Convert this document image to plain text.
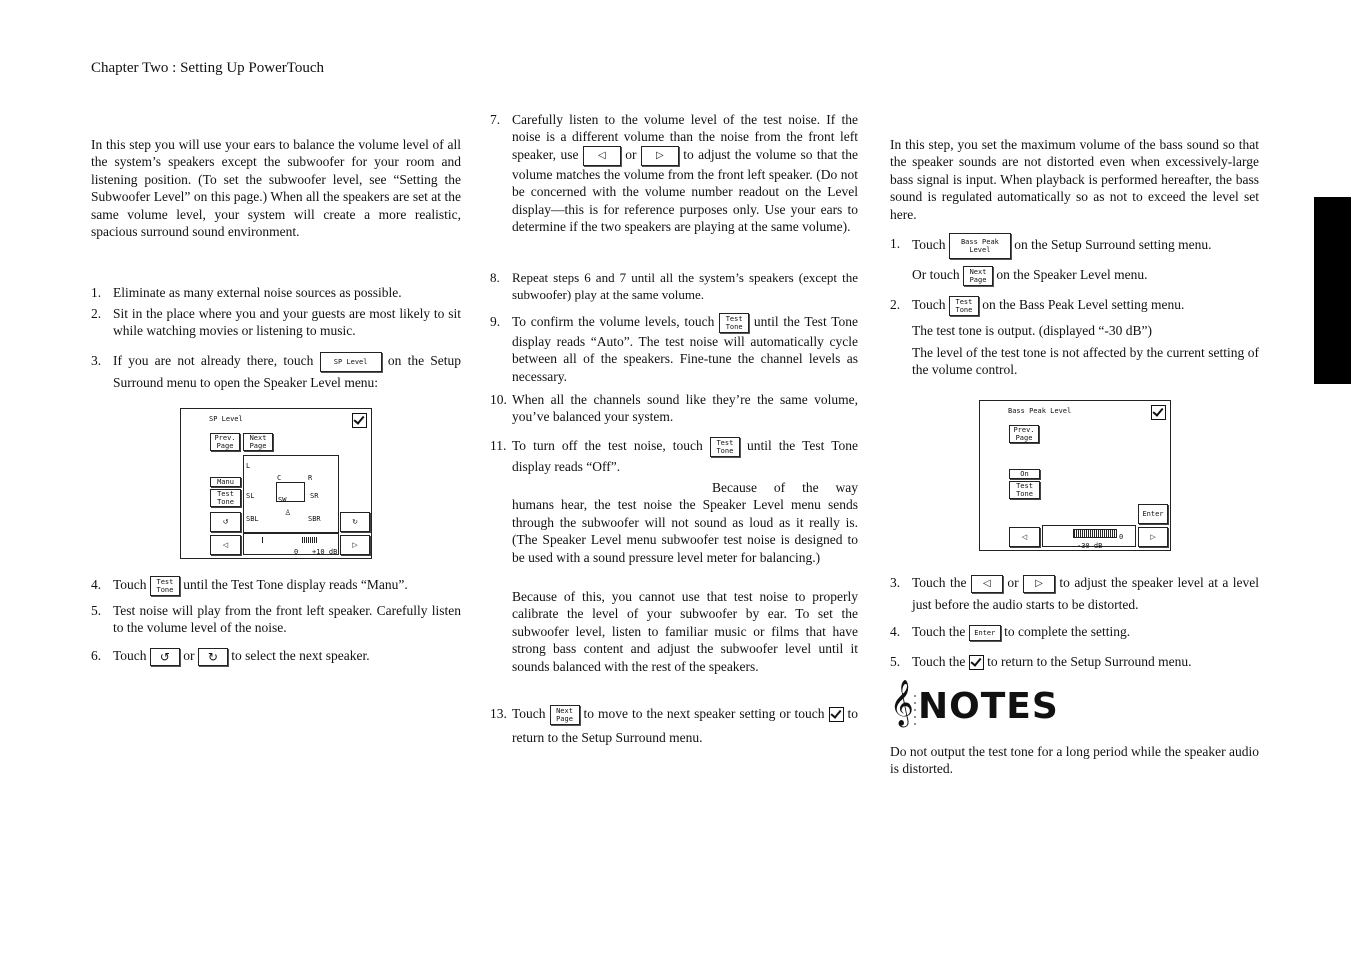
Chapter Two : Setting Up PowerTouch

In this step you will use your ears to balance the volume level of all the system’s speakers except the subwoofer for your room and listening position. (To set the subwoofer level, see “Setting the Subwoofer Level” on this page.) When all the speakers are set at the same volume level, your system will create a more realistic, spacious surround sound environment.

1. Eliminate as many external noise sources as possible.
2. Sit in the place where you and your guests are most likely to sit while watching movies or listening to music.
3. If you are not already there, touch	SP Level on the Setup Surround menu to open the Speaker Level menu:
SP Level
Prev. Page
Next Page
Manu
Test Tone
↺	↻
◁	▷
L
C	R
SL	SR
SBL	SBR
SW
♙
0 +10 dB
4. Touch Test Tone until the Test Tone display reads “Manu”.
5. Test noise will play from the front left speaker. Carefully listen to the volume level of the noise.
6. Touch ↺ or ↻ to select the next speaker.
7. Carefully listen to the volume level of the test noise. If the noise is a different volume than the noise from the front left speaker, use ◁ or ▷ to adjust the volume so that the volume matches the volume from the front left speaker. (Do not be concerned with the volume number readout on the Level display—this is for reference purposes only. Use your ears to determine if the two speakers are playing at the same volume).
8. Repeat steps 6 and 7 until all the system’s speakers (except the subwoofer) play at the same volume.
9. To confirm the volume levels, touch Test Tone until the Test Tone display reads “Auto”. The test noise will automatically cycle between all of the speakers. Fine-tune the channel levels as necessary.
10. When all the channels sound like they’re the same volume, you’ve balanced your system.
11. To turn off the test noise, touch Test Tone until the Test Tone display reads “Off”.

Because of the way humans hear, the test noise the Speaker Level menu sends through the subwoofer will not sound as loud as it really is. (The Speaker Level menu subwoofer test noise is designed to be used with a sound pressure level meter for balancing.)

Because of this, you cannot use that test noise to properly calibrate the level of your subwoofer by ear. To set the subwoofer level, listen to familiar music or films that have strong bass content and adjust the subwoofer level until it sounds balanced with the rest of the speakers.

13. Touch Next Page to move to the next speaker setting or touch to return to the Setup Surround menu.

In this step, you set the maximum volume of the bass sound so that the speaker sounds are not distorted even when excessively-large bass signal is input. When playback is performed hereafter, the bass sound is regulated automatically so as not to exceed the level set here.

1. Touch Bass Peak Level on the Setup Surround setting menu.
Or touch Next Page on the Speaker Level menu.
2. Touch Test Tone on the Bass Peak Level setting menu.
The test tone is output. (displayed “-30 dB”)
The level of the test tone is not affected by the current setting of the volume control.
Bass Peak Level
Prev. Page
On
Test Tone
Enter
◁	▷
0
-30 dB
3. Touch the ◁ or ▷ to adjust the speaker level at a level just before the audio starts to be distorted.
4. Touch the Enter to complete the setting.
5. Touch the to return to the Setup Surround menu.
𝄞 NOTES

Do not output the test tone for a long period while the speaker audio is distorted.
